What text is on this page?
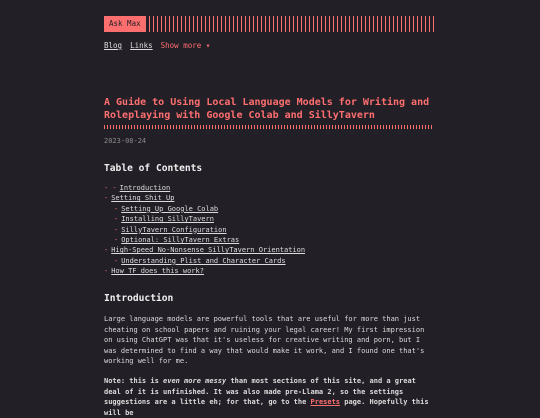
Ask Max
Blog Links Show more ▾
A Guide to Using Local Language Models for Writing and Roleplaying with Google Colab and SillyTavern
2023-08-24
Table of Contents
- - Introduction
- Setting Shit Up
- Setting Up Google Colab
- Installing SillyTavern
- SillyTavern Configuration
- Optional: SillyTavern Extras
- High-Speed No-Nonsense SillyTavern Orientation
- Understanding Plist and Character Cards
- How TF does this work?
Introduction

Large language models are powerful tools that are useful for more than just cheating on school papers and ruining your legal career! My first impression on using ChatGPT was that it's useless for creative writing and porn, but I was determined to find a way that would make it work, and I found one that's working well for me.

Note: this is even more messy than most sections of this site, and a great deal of it is unfinished. It was also made pre-Llama 2, so the settings suggestions are a little eh; for that, go to the Presets page. Hopefully this will be
